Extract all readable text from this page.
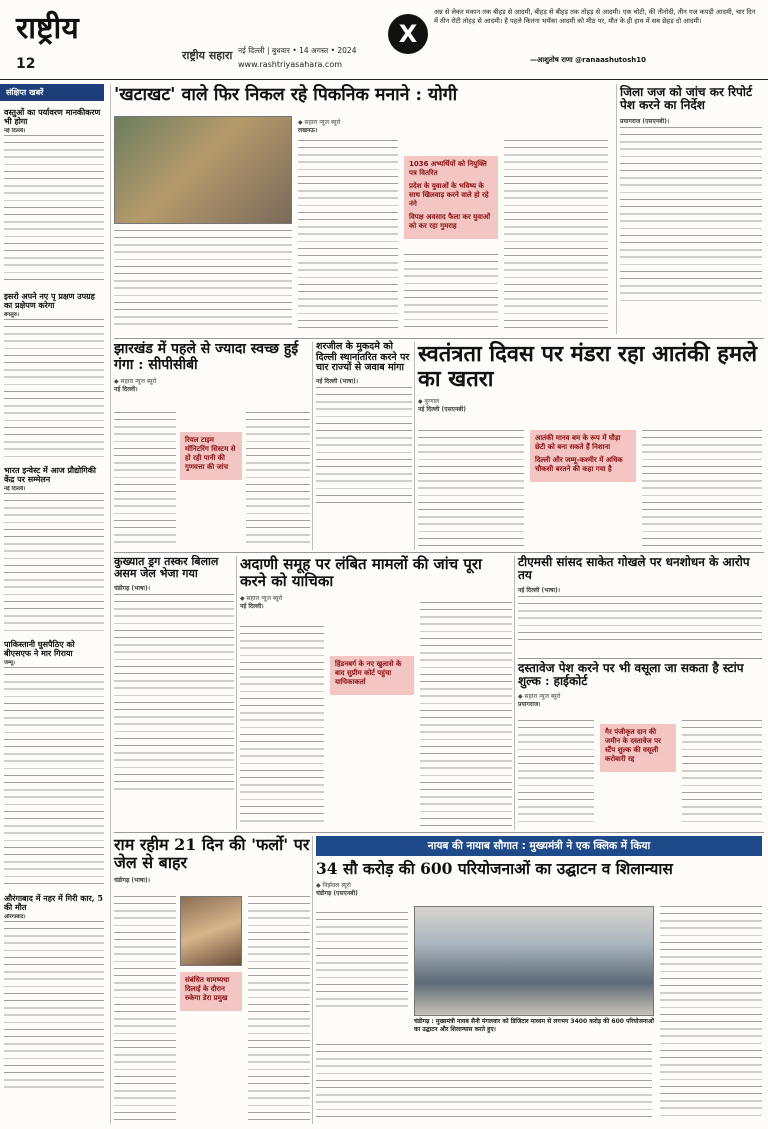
राष्ट्रीय
12
राष्ट्रीय सहारा नई दिल्ली | बुधवार • 14 अगस्त • 2024
www.rashtriyasahara.com
X
अन्न से लेकर मकान तक बीहड़ से आदमी, बीहड़ से बीहड़ तक तोहड़ से आदमी। एक चोटी, की तीनोदी, तीन गज कपड़ी आदमी, चार दिन में तीन रोटी तोहड़ से आदमी। है पहले कितना भयँका आदमी को मीठ पर, मौत के ही हाथ में सब छेहड़ दो आदमी।
—आशुतोष राणा @ranaashutosh10
संक्षिप्त खबरें
वस्तुओं का पर्यावरण मानकीकरण भी होगा
नई दिल्ली।
इसरो अपने नए पृ प्रक्षण उपग्रह का प्रक्षेपण करेगा
बेंगलुरु।
भारत इन्वेस्ट में आज प्रौद्योगिकी केंद्र पर सम्मेलन
नई दिल्ली।
पाकिस्तानी घुसपैठिए को बीएसएफ ने मार गिराया
जम्मू।
औरंगाबाद में नहर में गिरी कार, 5 की मौत
औरंगाबाद।
'खटाखट' वाले फिर निकल रहे पिकनिक मनाने : योगी
◆ सहारा न्यूज ब्यूरो
लखनऊ।

1036 अभ्यर्थियों को नियुक्ति पत्र वितरित

प्रदेश के युवाओं के भविष्य के साथ खिलवाड़ करने वाले हो रहे नंगे

विपक्ष अवसाद फैला कर युवाओं को कर रहा गुमराह

जिला जज को जांच कर रिपोर्ट पेश करने का निर्देश
प्रयागराज (एसएनबी)।
झारखंड में पहले से ज्यादा स्वच्छ हुई गंगा : सीपीसीबी
◆ सहारा न्यूज ब्यूरो
नई दिल्ली।

रियल टाइम मॉनिटरिंग सिस्टम से हो रही पानी की गुणवत्ता की जांच

शरजील के मुकदमे को दिल्ली स्थानांतरित करने पर चार राज्यों से जवाब मांगा
नई दिल्ली (भाषा)।
स्वतंत्रता दिवस पर मंडरा रहा आतंकी हमले का खतरा
◆ कुणाल
नई दिल्ली (एसएनबी)

आतंकी मानव बम के रूप में घौड़ा छेटी को बना सकते हैं निशाना

दिल्ली और जम्मू-कश्मीर में अधिक चौकसी बरतने की कहा गया है

कुख्यात ड्रग तस्कर बिलाल असम जेल भेजा गया
चंडीगढ़ (भाषा)।
अदाणी समूह पर लंबित मामलों की जांच पूरा करने को याचिका
◆ सहारा न्यूज ब्यूरो
नई दिल्ली।

हिंडनबर्ग के नए खुलासे के बाद सुप्रीम कोर्ट पहुंचा याचिकाकर्ता

टीएमसी सांसद साकेत गोखले पर धनशोधन के आरोप तय
नई दिल्ली (भाषा)।
दस्तावेज पेश करने पर भी वसूला जा सकता है स्टांप शुल्क : हाईकोर्ट
◆ सहारा न्यूज ब्यूरो
प्रयागराज।

गैर पंजीकृत दान की जमीन के दस्तावेज पर स्टैंप शुल्क की वसूली करोबारी रद्द

राम रहीम 21 दिन की 'फर्लो' पर जेल से बाहर
चंडीगढ़ (भाषा)।

संबंधित धामष्यधा दिलाई के दौरान रुकेगा डेरा प्रमुख

नायब की नायाब सौगात : मुख्यमंत्री ने एक क्लिक में किया
34 सौ करोड़ की 600 परियोजनाओं का उद्घाटन व शिलान्यास
◆ निर्झवल ब्यूरो
चंडीगढ़ (एसएनबी)
चंडीगढ़ : मुख्यमंत्री नायब सैनी मंगलवार को डिजिटल माध्यम से लगभग 3400 करोड़ की 600 परियोजनाओं का उद्घाटन और शिलान्यास करते हुए।
